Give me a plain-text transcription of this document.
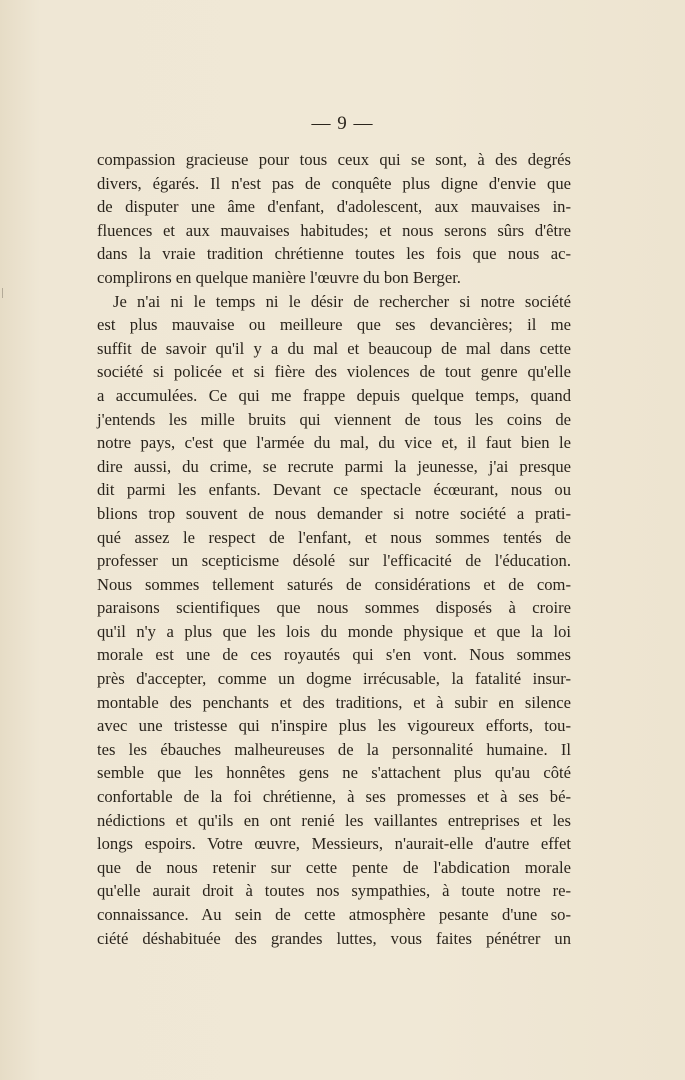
— 9 —
compassion gracieuse pour tous ceux qui se sont, à des degrés
divers, égarés. Il n'est pas de conquête plus digne d'envie que
de disputer une âme d'enfant, d'adolescent, aux mauvaises in-
fluences et aux mauvaises habitudes; et nous serons sûrs d'être
dans la vraie tradition chrétienne toutes les fois que nous ac-
complirons en quelque manière l'œuvre du bon Berger.
Je n'ai ni le temps ni le désir de rechercher si notre société
est plus mauvaise ou meilleure que ses devancières; il me
suffit de savoir qu'il y a du mal et beaucoup de mal dans cette
société si policée et si fière des violences de tout genre qu'elle
a accumulées. Ce qui me frappe depuis quelque temps, quand
j'entends les mille bruits qui viennent de tous les coins de
notre pays, c'est que l'armée du mal, du vice et, il faut bien le
dire aussi, du crime, se recrute parmi la jeunesse, j'ai presque
dit parmi les enfants. Devant ce spectacle écœurant, nous ou
blions trop souvent de nous demander si notre société a prati-
qué assez le respect de l'enfant, et nous sommes tentés de
professer un scepticisme désolé sur l'efficacité de l'éducation.
Nous sommes tellement saturés de considérations et de com-
paraisons scientifiques que nous sommes disposés à croire
qu'il n'y a plus que les lois du monde physique et que la loi
morale est une de ces royautés qui s'en vont. Nous sommes
près d'accepter, comme un dogme irrécusable, la fatalité insur-
montable des penchants et des traditions, et à subir en silence
avec une tristesse qui n'inspire plus les vigoureux efforts, tou-
tes les ébauches malheureuses de la personnalité humaine. Il
semble que les honnêtes gens ne s'attachent plus qu'au côté
confortable de la foi chrétienne, à ses promesses et à ses bé-
nédictions et qu'ils en ont renié les vaillantes entreprises et les
longs espoirs. Votre œuvre, Messieurs, n'aurait-elle d'autre effet
que de nous retenir sur cette pente de l'abdication morale
qu'elle aurait droit à toutes nos sympathies, à toute notre re-
connaissance. Au sein de cette atmosphère pesante d'une so-
ciété déshabituée des grandes luttes, vous faites pénétrer un
